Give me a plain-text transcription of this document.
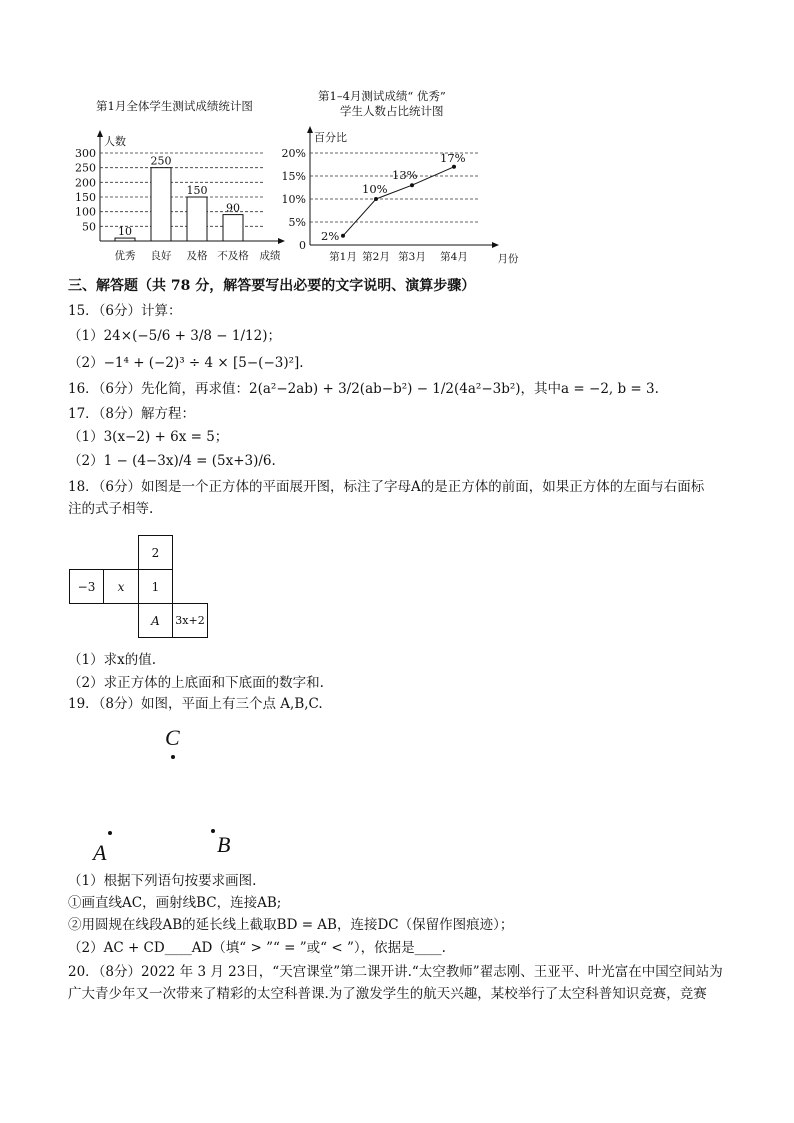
第1月全体学生测试成绩统计图
第1–4月测试成绩“ 优秀”
学生人数占比统计图
50
100
150
200
250
300
人数
10
优秀
250
良好
150
及格
90
不及格 成绩
0
5%
10%
15%
20%
百分比
2%
第1月
10%
第2月
13%
第3月
17%
第4月	月份
三、解答题（共 78 分，解答要写出必要的文字说明、演算步骤）
15．（6分）计算：
（1）24×(−5/6 + 3/8 − 1/12)；
（2）−1⁴ + (−2)³ ÷ 4 × [5−(−3)²].
16．（6分）先化简，再求值：2(a²−2ab) + 3/2(ab−b²) − 1/2(4a²−3b²)，其中a = −2, b = 3.
17．（8分）解方程：
（1）3(x−2) + 6x = 5；
（2）1 − (4−3x)/4 = (5x+3)/6.
18．（6分）如图是一个正方体的平面展开图，标注了字母A的是正方体的前面，如果正方体的左面与右面标
注的式子相等.
2
−3	x	1
A	3x+2
（1）求x的值.
（2）求正方体的上底面和下底面的数字和.
19．（8分）如图，平面上有三个点 A,B,C.
C
A	B
（1）根据下列语句按要求画图.
①画直线AC，画射线BC，连接AB;
②用圆规在线段AB的延长线上截取BD = AB，连接DC（保留作图痕迹）；
（2）AC + CD____AD（填“ > ”“ = ”或“ < ”），依据是____.
20．（8分）2022 年 3 月 23日，“天宫课堂”第二课开讲.“太空教师”翟志刚、王亚平、叶光富在中国空间站为
广大青少年又一次带来了精彩的太空科普课.为了激发学生的航天兴趣，某校举行了太空科普知识竞赛，竞赛
